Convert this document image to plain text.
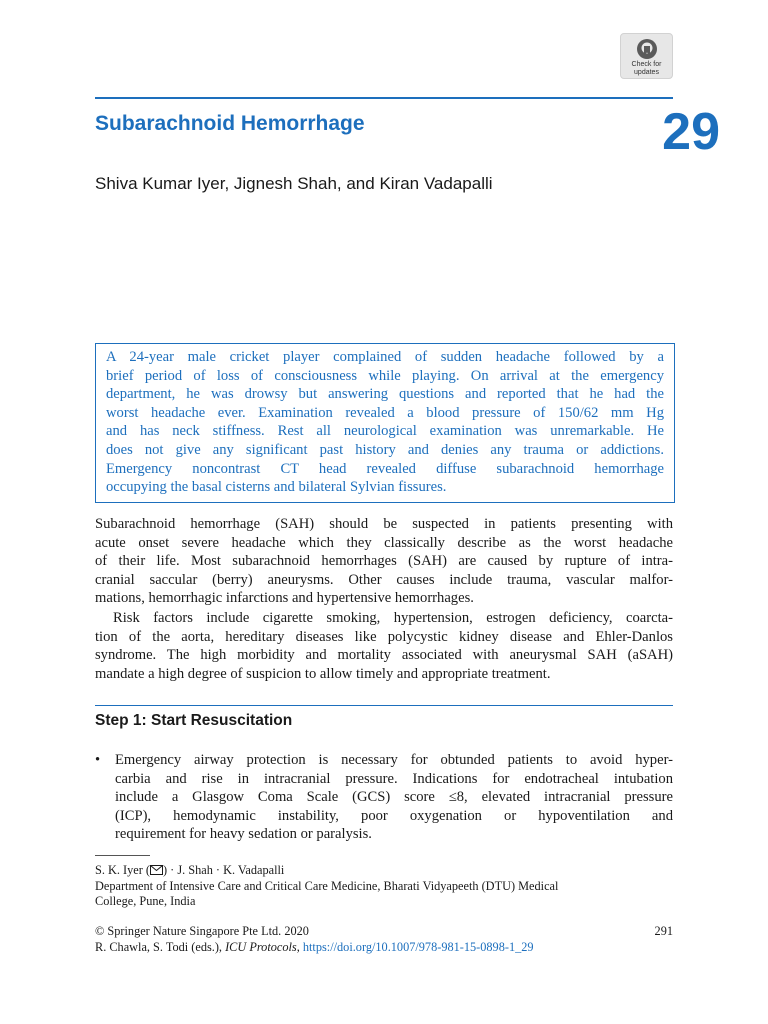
Check for
updates
Subarachnoid Hemorrhage	29
Shiva Kumar Iyer, Jignesh Shah, and Kiran Vadapalli
A 24-year male cricket player complained of sudden headache followed by a
brief period of loss of consciousness while playing. On arrival at the emergency
department, he was drowsy but answering questions and reported that he had the
worst headache ever. Examination revealed a blood pressure of 150/62 mm Hg
and has neck stiffness. Rest all neurological examination was unremarkable. He
does not give any significant past history and denies any trauma or addictions.
Emergency noncontrast CT head revealed diffuse subarachnoid hemorrhage
occupying the basal cisterns and bilateral Sylvian fissures.
Subarachnoid hemorrhage (SAH) should be suspected in patients presenting with
acute onset severe headache which they classically describe as the worst headache
of their life. Most subarachnoid hemorrhages (SAH) are caused by rupture of intra-
cranial saccular (berry) aneurysms. Other causes include trauma, vascular malfor-
mations, hemorrhagic infarctions and hypertensive hemorrhages.
Risk factors include cigarette smoking, hypertension, estrogen deficiency, coarcta-
tion of the aorta, hereditary diseases like polycystic kidney disease and Ehler-Danlos
syndrome. The high morbidity and mortality associated with aneurysmal SAH (aSAH)
mandate a high degree of suspicion to allow timely and appropriate treatment.
Step 1: Start Resuscitation
• Emergency airway protection is necessary for obtunded patients to avoid hyper-
carbia and rise in intracranial pressure. Indications for endotracheal intubation
include a Glasgow Coma Scale (GCS) score ≤8, elevated intracranial pressure
(ICP), hemodynamic instability, poor oxygenation or hypoventilation and
requirement for heavy sedation or paralysis.
S. K. Iyer ( ) · J. Shah · K. Vadapalli
Department of Intensive Care and Critical Care Medicine, Bharati Vidyapeeth (DTU) Medical
College, Pune, India
© Springer Nature Singapore Pte Ltd. 2020
R. Chawla, S. Todi (eds.), ICU Protocols, https://doi.org/10.1007/978-981-15-0898-1_29
291
